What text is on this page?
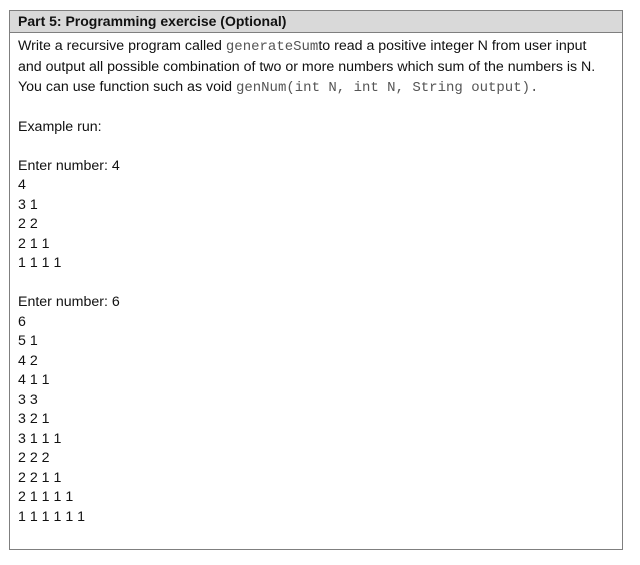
Part 5: Programming exercise (Optional)
Write a recursive program called generateSumto read a positive integer N from user input
and output all possible combination of two or more numbers which sum of the numbers is N.
You can use function such as void genNum(int N, int N, String output).
Example run:
Enter number: 4
4
3 1
2 2
2 1 1
1 1 1 1
Enter number: 6
6
5 1
4 2
4 1 1
3 3
3 2 1
3 1 1 1
2 2 2
2 2 1 1
2 1 1 1 1
1 1 1 1 1 1
